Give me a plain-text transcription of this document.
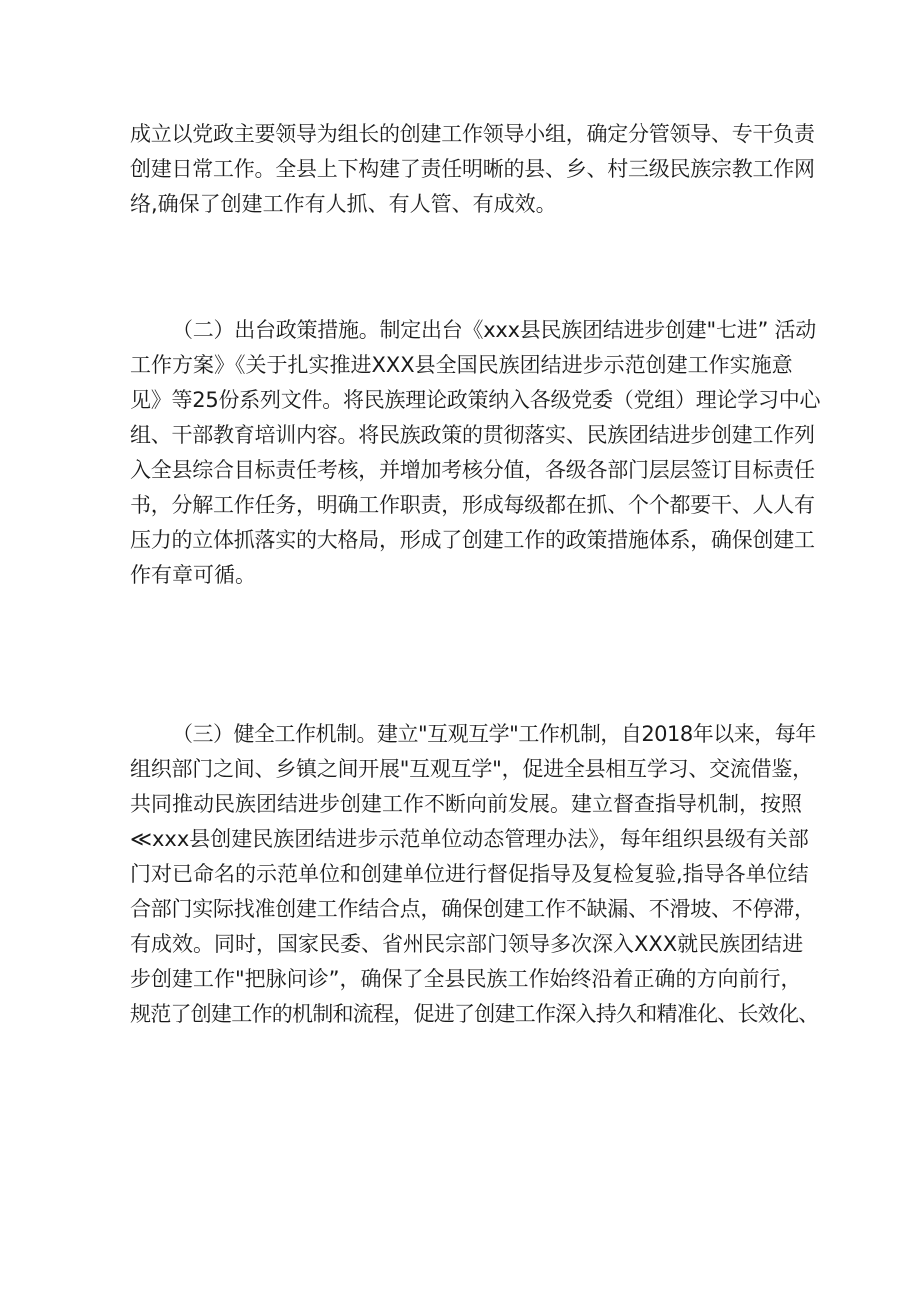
成立以党政主要领导为组长的创建工作领导小组，确定分管领导、专干负责
创建日常工作。全县上下构建了责任明晰的县、乡、村三级民族宗教工作网
络,确保了创建工作有人抓、有人管、有成效。
（二）出台政策措施。制定出台《xxx县民族团结进步创建"七进” 活动
工作方案》《关于扎实推进XXX县全国民族团结进步示范创建工作实施意
见》等25份系列文件。将民族理论政策纳入各级党委（党组）理论学习中心
组、干部教育培训内容。将民族政策的贯彻落实、民族团结进步创建工作列
入全县综合目标责任考核，并增加考核分值，各级各部门层层签订目标责任
书，分解工作任务，明确工作职责，形成每级都在抓、个个都要干、人人有
压力的立体抓落实的大格局，形成了创建工作的政策措施体系，确保创建工
作有章可循。
（三）健全工作机制。建立"互观互学"工作机制，自2018年以来，每年
组织部门之间、乡镇之间开展"互观互学"，促进全县相互学习、交流借鉴，
共同推动民族团结进步创建工作不断向前发展。建立督查指导机制，按照
≪xxx县创建民族团结进步示范单位动态管理办法》，每年组织县级有关部
门对已命名的示范单位和创建单位进行督促指导及复检复验,指导各单位结
合部门实际找准创建工作结合点，确保创建工作不缺漏、不滑坡、不停滞，
有成效。同时，国家民委、省州民宗部门领导多次深入XXX就民族团结进
步创建工作"把脉问诊”，确保了全县民族工作始终沿着正确的方向前行，
规范了创建工作的机制和流程，促进了创建工作深入持久和精准化、长效化、
